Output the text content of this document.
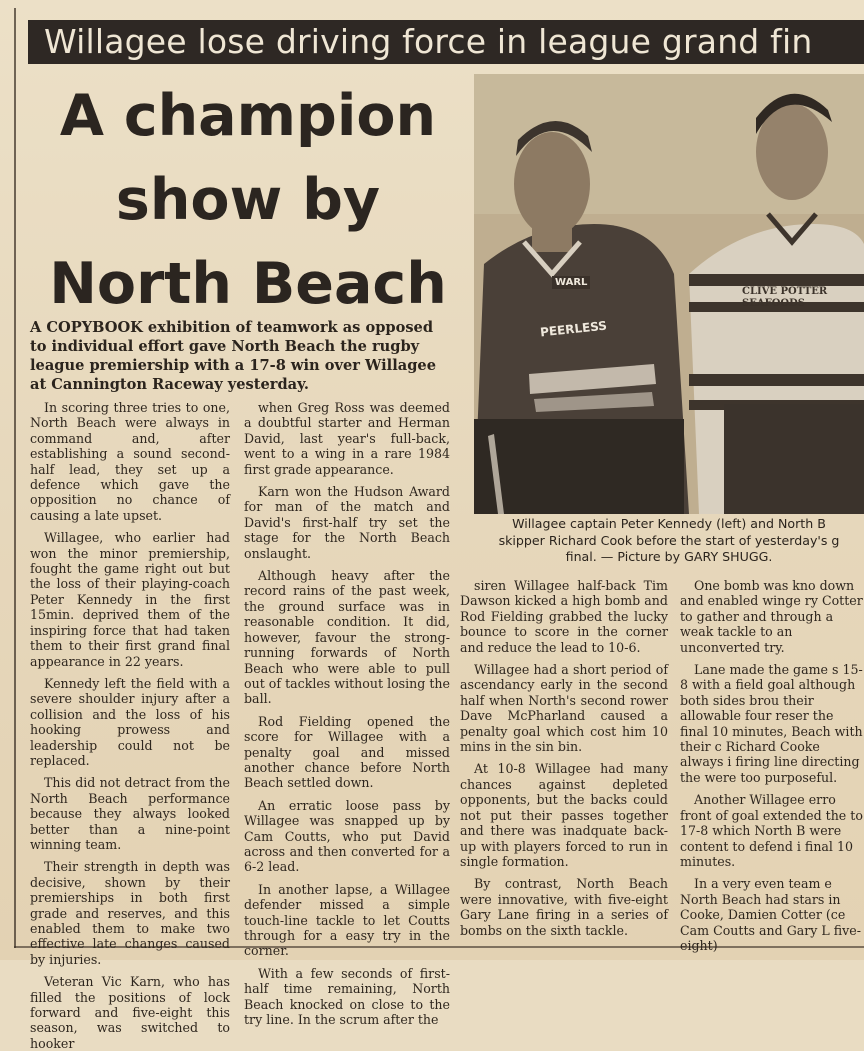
Willagee lose driving force in league grand fin
A champion
show by
North Beach
A COPYBOOK exhibition of teamwork as opposed to individual effort gave North Beach the rugby league premiership with a 17-8 win over Willagee at Cannington Raceway yesterday.
WARL
PEERLESS
CLIVE POTTER SEAFOODS
Willagee captain Peter Kennedy (left) and North B
skipper Richard Cook before the start of yesterday's g
final. — Picture by GARY SHUGG.

In scoring three tries to one, North Beach were always in command and, after establishing a sound second-half lead, they set up a defence which gave the opposition no chance of causing a late upset.

Willagee, who earlier had won the minor premiership, fought the game right out but the loss of their playing-coach Peter Kennedy in the first 15min. deprived them of the inspiring force that had taken them to their first grand final appearance in 22 years.

Kennedy left the field with a severe shoulder injury after a collision and the loss of his hooking prowess and leadership could not be replaced.

This did not detract from the North Beach performance because they always looked better than a nine-point winning team.

Their strength in depth was decisive, shown by their premierships in both first grade and reserves, and this enabled them to make two effective late changes caused by injuries.

Veteran Vic Karn, who has filled the positions of lock forward and five-eight this season, was switched to hooker

when Greg Ross was deemed a doubtful starter and Herman David, last year's full-back, went to a wing in a rare 1984 first grade appearance.

Karn won the Hudson Award for man of the match and David's first-half try set the stage for the North Beach onslaught.

Although heavy after the record rains of the past week, the ground surface was in reasonable condition. It did, however, favour the strong-running forwards of North Beach who were able to pull out of tackles without losing the ball.

Rod Fielding opened the score for Willagee with a penalty goal and missed another chance before North Beach settled down.

An erratic loose pass by Willagee was snapped up by Cam Coutts, who put David across and then converted for a 6-2 lead.

In another lapse, a Willagee defender missed a simple touch-line tackle to let Coutts through for a easy try in the corner.

With a few seconds of first-half time remaining, North Beach knocked on close to the try line. In the scrum after the

siren Willagee half-back Tim Dawson kicked a high bomb and Rod Fielding grabbed the lucky bounce to score in the corner and reduce the lead to 10-6.

Willagee had a short period of ascendancy early in the second half when North's second rower Dave McPharland caused a penalty goal which cost him 10 mins in the sin bin.

At 10-8 Willagee had many chances against depleted opponents, but the backs could not put their passes together and there was inadquate back-up with players forced to run in single formation.

By contrast, North Beach were innovative, with five-eight Gary Lane firing in a series of bombs on the sixth tackle.

One bomb was kno down and enabled winge ry Cotter to gather and through a weak tackle to an unconverted try.

Lane made the game s 15-8 with a field goal although both sides brou their allowable four reser the final 10 minutes, Beach with their c Richard Cooke always i firing line directing the were too purposeful.

Another Willagee erro front of goal extended the to 17-8 which North B were content to defend i final 10 minutes.

In a very even team e North Beach had stars in Cooke, Damien Cotter (ce Cam Coutts and Gary L five-eight)
